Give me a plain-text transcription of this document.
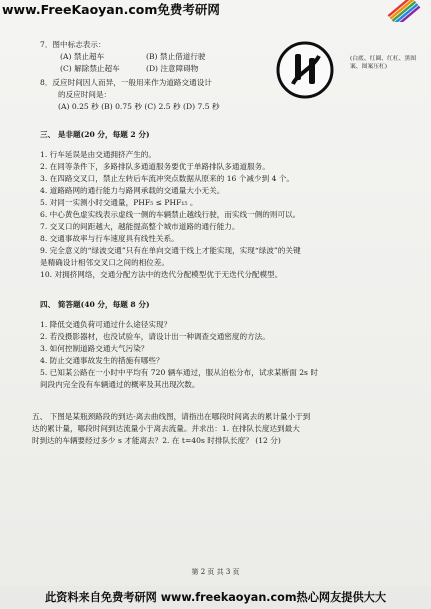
www.FreeKaoyan.com免费考研网
7．图中标志表示：
(A) 禁止超车	(B) 禁止借道行驶
(C) 解除禁止超车	(D) 注意障碍物
(白底、红圈、红杠、黑图案、图案压杠)
8．反应时间因人而异，一般用来作为道路交通设计
的反应时间是：
(A) 0.25 秒 (B) 0.75 秒 (C) 2.5 秒 (D) 7.5 秒
三、 是非题(20 分，每题 2 分)
1. 行车延误是由交通拥挤产生的。
2. 在同等条件下，多路排队多通道服务要优于单路排队多通道服务。
3. 在四路交叉口，禁止左转后车流冲突点数据从原来的 16 个减少到 4 个。
4. 道路路网的通行能力与路网承载的交通量大小无关。
5. 对同一实测小时交通量，PHF₅ ≤ PHF₁₅ 。
6. 中心黄色虚实线表示虚线一侧的车辆禁止越线行驶，而实线一侧的则可以。
7. 交叉口的间距越大，越能提高整个城市道路的通行能力。
8. 交通事故率与行车速度具有线性关系。
9. 完全意义的“绿波交通”只有在单向交通干线上才能实现，实现“绿波”的关键
是精确设计相邻交叉口之间的相位差。
10. 对拥挤网络，交通分配方法中的迭代分配模型优于无迭代分配模型。
四、 简答题(40 分，每题 8 分)
1. 降低交通负荷可通过什么途径实现？
2. 若没摄影器材，也没试验车，请设计出一种调查交通密度的方法。
3. 如何控制道路交通大气污染？
4. 防止交通事故发生的措施有哪些？
5. 已知某公路在一小时中平均有 720 辆车通过，服从泊松分布，试求某断面 2s 时
间段内完全没有车辆通过的概率及其出现次数。
五、 下图是某瓶颈路段的到达-离去曲线图，请指出在哪段时间离去的累计量小于到
达的累计量，哪段时间到达流量小于离去流量。并求出：1. 在排队长度达到最大
时到达的车辆要经过多少 s 才能离去？2. 在 t=40s 时排队长度？ (12 分)
第 2 页 共 3 页
此资料来自免费考研网 www.freekaoyan.com热心网友提供大大
